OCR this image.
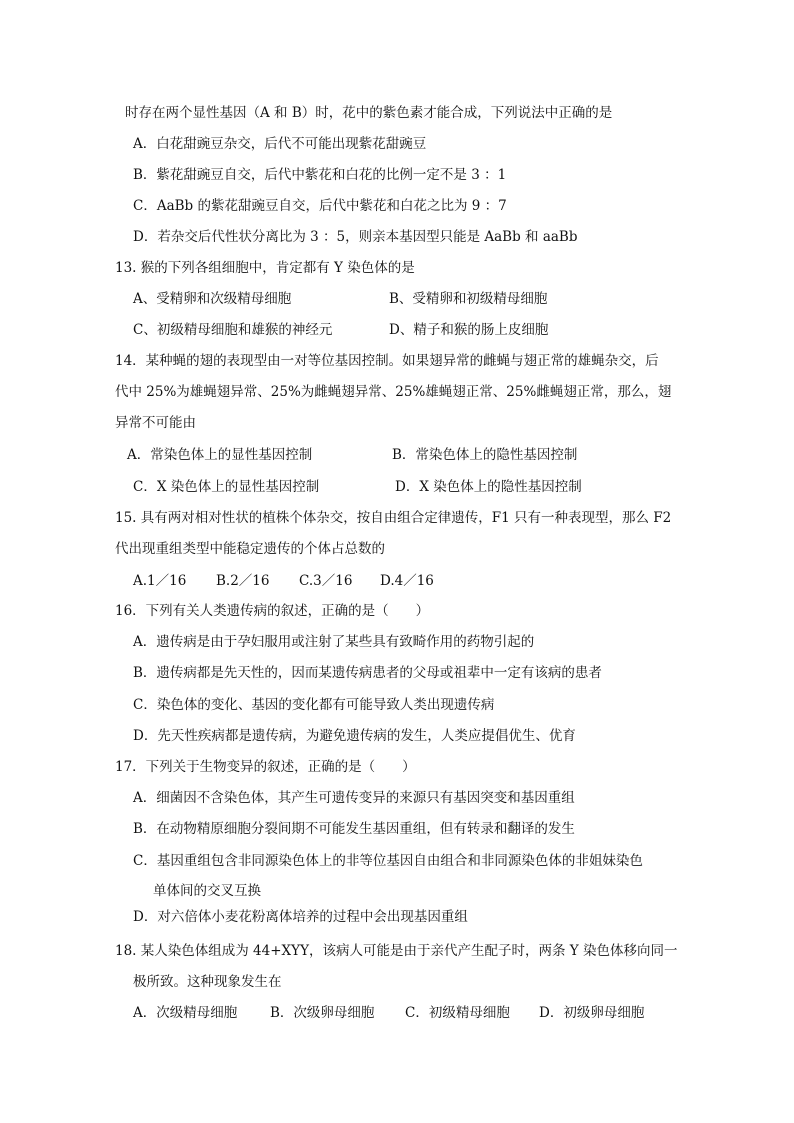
时存在两个显性基因（A 和 B）时，花中的紫色素才能合成，下列说法中正确的是
A．白花甜豌豆杂交，后代不可能出现紫花甜豌豆
B．紫花甜豌豆自交，后代中紫花和白花的比例一定不是 3 ：1
C．AaBb 的紫花甜豌豆自交，后代中紫花和白花之比为 9 ：7
D．若杂交后代性状分离比为 3 ：5，则亲本基因型只能是 AaBb 和 aaBb
13. 猴的下列各组细胞中，肯定都有 Y 染色体的是
A、受精卵和次级精母细胞	B、受精卵和初级精母细胞
C、初级精母细胞和雄猴的神经元	D、精子和猴的肠上皮细胞
14．某种蝇的翅的表现型由一对等位基因控制。如果翅异常的雌蝇与翅正常的雄蝇杂交，后
代中 25%为雄蝇翅异常、25%为雌蝇翅异常、25%雄蝇翅正常、25%雌蝇翅正常，那么，翅
异常不可能由
A．常染色体上的显性基因控制	B．常染色体上的隐性基因控制
C．X 染色体上的显性基因控制	D．X 染色体上的隐性基因控制
15. 具有两对相对性状的植株个体杂交，按自由组合定律遗传，F1 只有一种表现型，那么 F2
代出现重组类型中能稳定遗传的个体占总数的
A.1／16 B.2／16 C.3／16 D.4／16
16．下列有关人类遗传病的叙述，正确的是（　　）
A．遗传病是由于孕妇服用或注射了某些具有致畸作用的药物引起的
B．遗传病都是先天性的，因而某遗传病患者的父母或祖辈中一定有该病的患者
C．染色体的变化、基因的变化都有可能导致人类出现遗传病
D．先天性疾病都是遗传病，为避免遗传病的发生，人类应提倡优生、优育
17．下列关于生物变异的叙述，正确的是（　　）
A．细菌因不含染色体，其产生可遗传变异的来源只有基因突变和基因重组
B．在动物精原细胞分裂间期不可能发生基因重组，但有转录和翻译的发生
C．基因重组包含非同源染色体上的非等位基因自由组合和非同源染色体的非姐妹染色
单体间的交叉互换
D．对六倍体小麦花粉离体培养的过程中会出现基因重组
18. 某人染色体组成为 44+XYY，该病人可能是由于亲代产生配子时，两条 Y 染色体移向同一
极所致。这种现象发生在
A．次级精母细胞 B．次级卵母细胞 C．初级精母细胞 D．初级卵母细胞
